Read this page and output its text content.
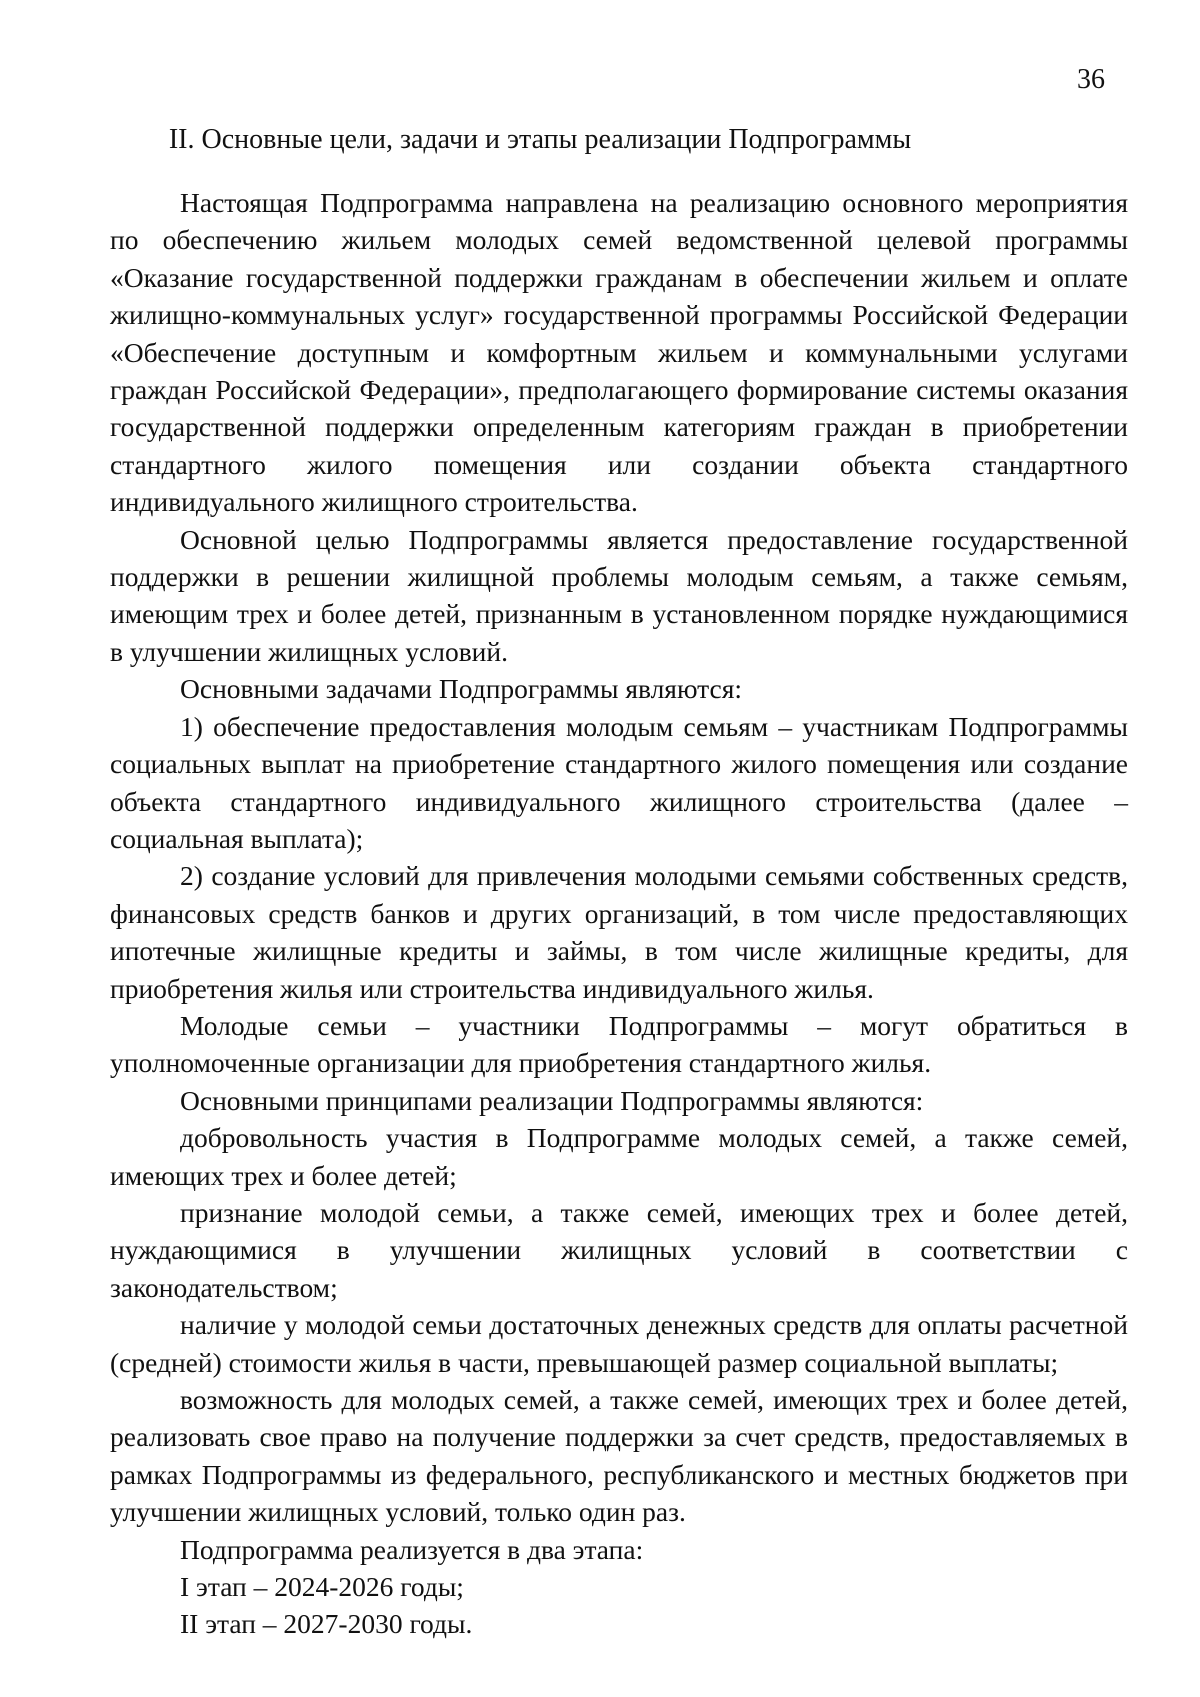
36
II. Основные цели, задачи и этапы реализации Подпрограммы

Настоящая Подпрограмма направлена на реализацию основного мероприятия по обеспечению жильем молодых семей ведомственной целевой программы «Оказание государственной поддержки гражданам в обеспечении жильем и оплате жилищно-коммунальных услуг» государственной программы Российской Федерации «Обеспечение доступным и комфортным жильем и коммунальными услугами граждан Российской Федерации», предполагающего формирование системы оказания государственной поддержки определенным категориям граждан в приобретении стандартного жилого помещения или создании объекта стандартного индивидуального жилищного строительства.

Основной целью Подпрограммы является предоставление государственной поддержки в решении жилищной проблемы молодым семьям, а также семьям, имеющим трех и более детей, признанным в установленном порядке нуждающимися в улучшении жилищных условий.

Основными задачами Подпрограммы являются:

1) обеспечение предоставления молодым семьям – участникам Подпрограммы социальных выплат на приобретение стандартного жилого помещения или создание объекта стандартного индивидуального жилищного строительства (далее – социальная выплата);

2) создание условий для привлечения молодыми семьями собственных средств, финансовых средств банков и других организаций, в том числе предоставляющих ипотечные жилищные кредиты и займы, в том числе жилищные кредиты, для приобретения жилья или строительства индивидуального жилья.

Молодые семьи – участники Подпрограммы – могут обратиться в уполномоченные организации для приобретения стандартного жилья.

Основными принципами реализации Подпрограммы являются:

добровольность участия в Подпрограмме молодых семей, а также семей, имеющих трех и более детей;

признание молодой семьи, а также семей, имеющих трех и более детей, нуждающимися в улучшении жилищных условий в соответствии с законодательством;

наличие у молодой семьи достаточных денежных средств для оплаты расчетной (средней) стоимости жилья в части, превышающей размер социальной выплаты;

возможность для молодых семей, а также семей, имеющих трех и более детей, реализовать свое право на получение поддержки за счет средств, предоставляемых в рамках Подпрограммы из федерального, республиканского и местных бюджетов при улучшении жилищных условий, только один раз.

Подпрограмма реализуется в два этапа:

I этап – 2024-2026 годы;

II этап – 2027-2030 годы.
